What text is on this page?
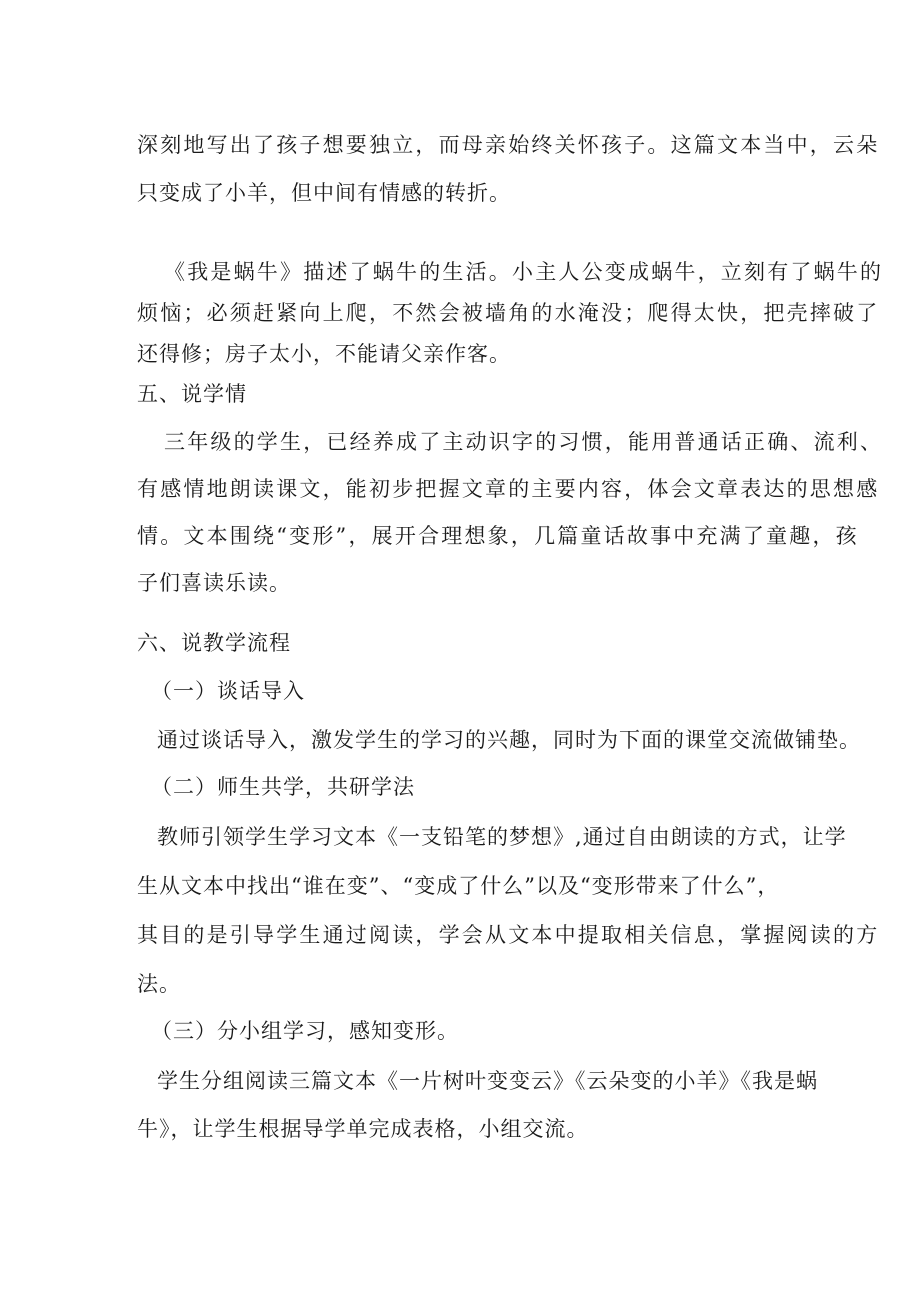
深刻地写出了孩子想要独立，而母亲始终关怀孩子。这篇文本当中，云朵
只变成了小羊，但中间有情感的转折。
《我是蜗牛》描述了蜗牛的生活。小主人公变成蜗牛，立刻有了蜗牛的
烦恼；必须赶紧向上爬，不然会被墙角的水淹没；爬得太快，把壳摔破了
还得修；房子太小，不能请父亲作客。
五、说学情
三年级的学生，已经养成了主动识字的习惯，能用普通话正确、流利、
有感情地朗读课文，能初步把握文章的主要内容，体会文章表达的思想感
情。文本围绕“变形”，展开合理想象，几篇童话故事中充满了童趣，孩
子们喜读乐读。
六、说教学流程
（一）谈话导入
通过谈话导入，激发学生的学习的兴趣，同时为下面的课堂交流做铺垫。
（二）师生共学，共研学法
教师引领学生学习文本《一支铅笔的梦想》,通过自由朗读的方式，让学
生从文本中找出“谁在变”、“变成了什么”以及“变形带来了什么”，
其目的是引导学生通过阅读，学会从文本中提取相关信息，掌握阅读的方
法。
（三）分小组学习，感知变形。
学生分组阅读三篇文本《一片树叶变变云》《云朵变的小羊》《我是蜗
牛》，让学生根据导学单完成表格，小组交流。
